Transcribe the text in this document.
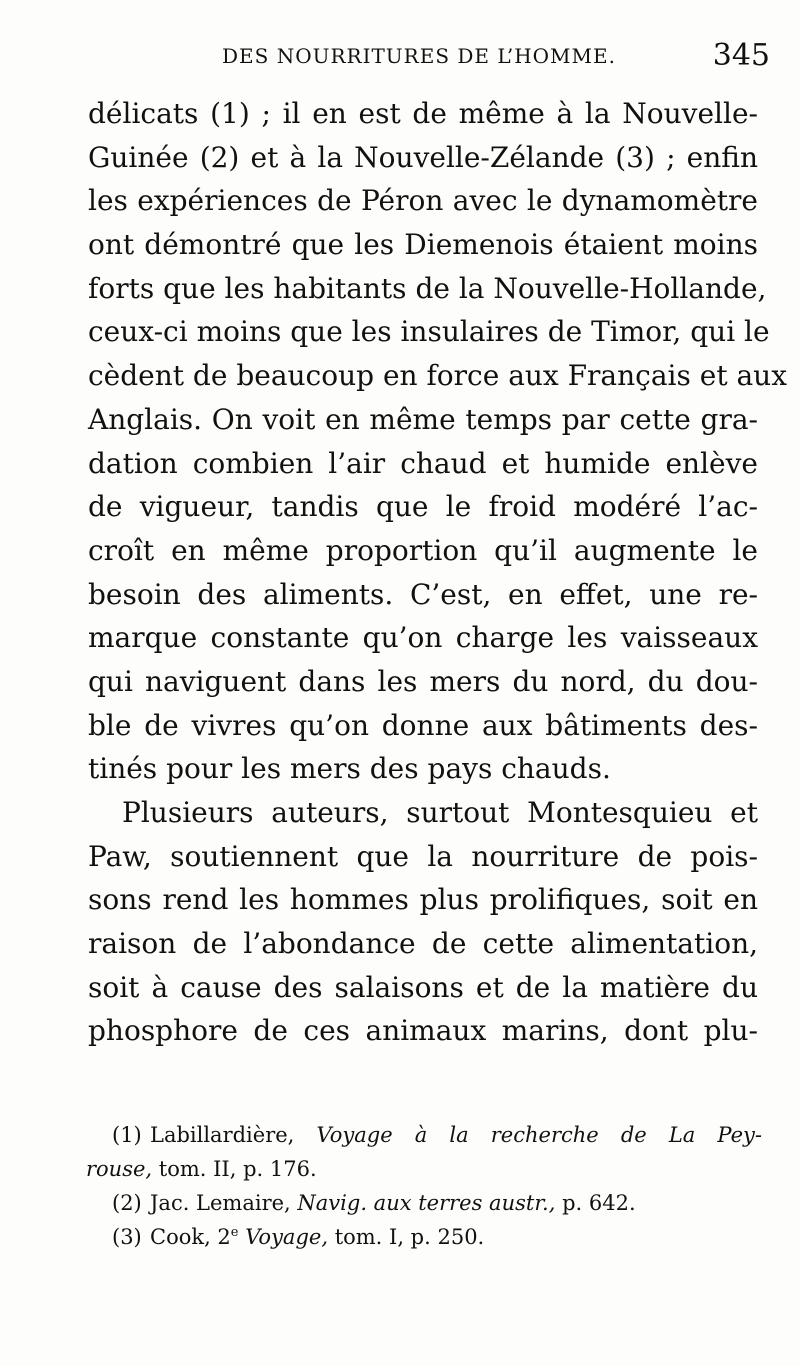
DES NOURRITURES DE L’HOMME.	345
délicats (1) ; il en est de même à la Nouvelle-
Guinée (2) et à la Nouvelle-Zélande (3) ; enfin
les expériences de Péron avec le dynamomètre
ont démontré que les Diemenois étaient moins
forts que les habitants de la Nouvelle-Hollande,
ceux-ci moins que les insulaires de Timor, qui le
cèdent de beaucoup en force aux Français et aux
Anglais. On voit en même temps par cette gra-
dation combien l’air chaud et humide enlève
de vigueur, tandis que le froid modéré l’ac-
croît en même proportion qu’il augmente le
besoin des aliments. C’est, en effet, une re-
marque constante qu’on charge les vaisseaux
qui naviguent dans les mers du nord, du dou-
ble de vivres qu’on donne aux bâtiments des-
tinés pour les mers des pays chauds.
Plusieurs auteurs, surtout Montesquieu et
Paw, soutiennent que la nourriture de pois-
sons rend les hommes plus prolifiques, soit en
raison de l’abondance de cette alimentation,
soit à cause des salaisons et de la matière du
phosphore de ces animaux marins, dont plu-
(1) Labillardière, Voyage à la recherche de La Pey-
rouse, tom. II, p. 176.
(2) Jac. Lemaire, Navig. aux terres austr., p. 642.
(3) Cook, 2e Voyage, tom. I, p. 250.
